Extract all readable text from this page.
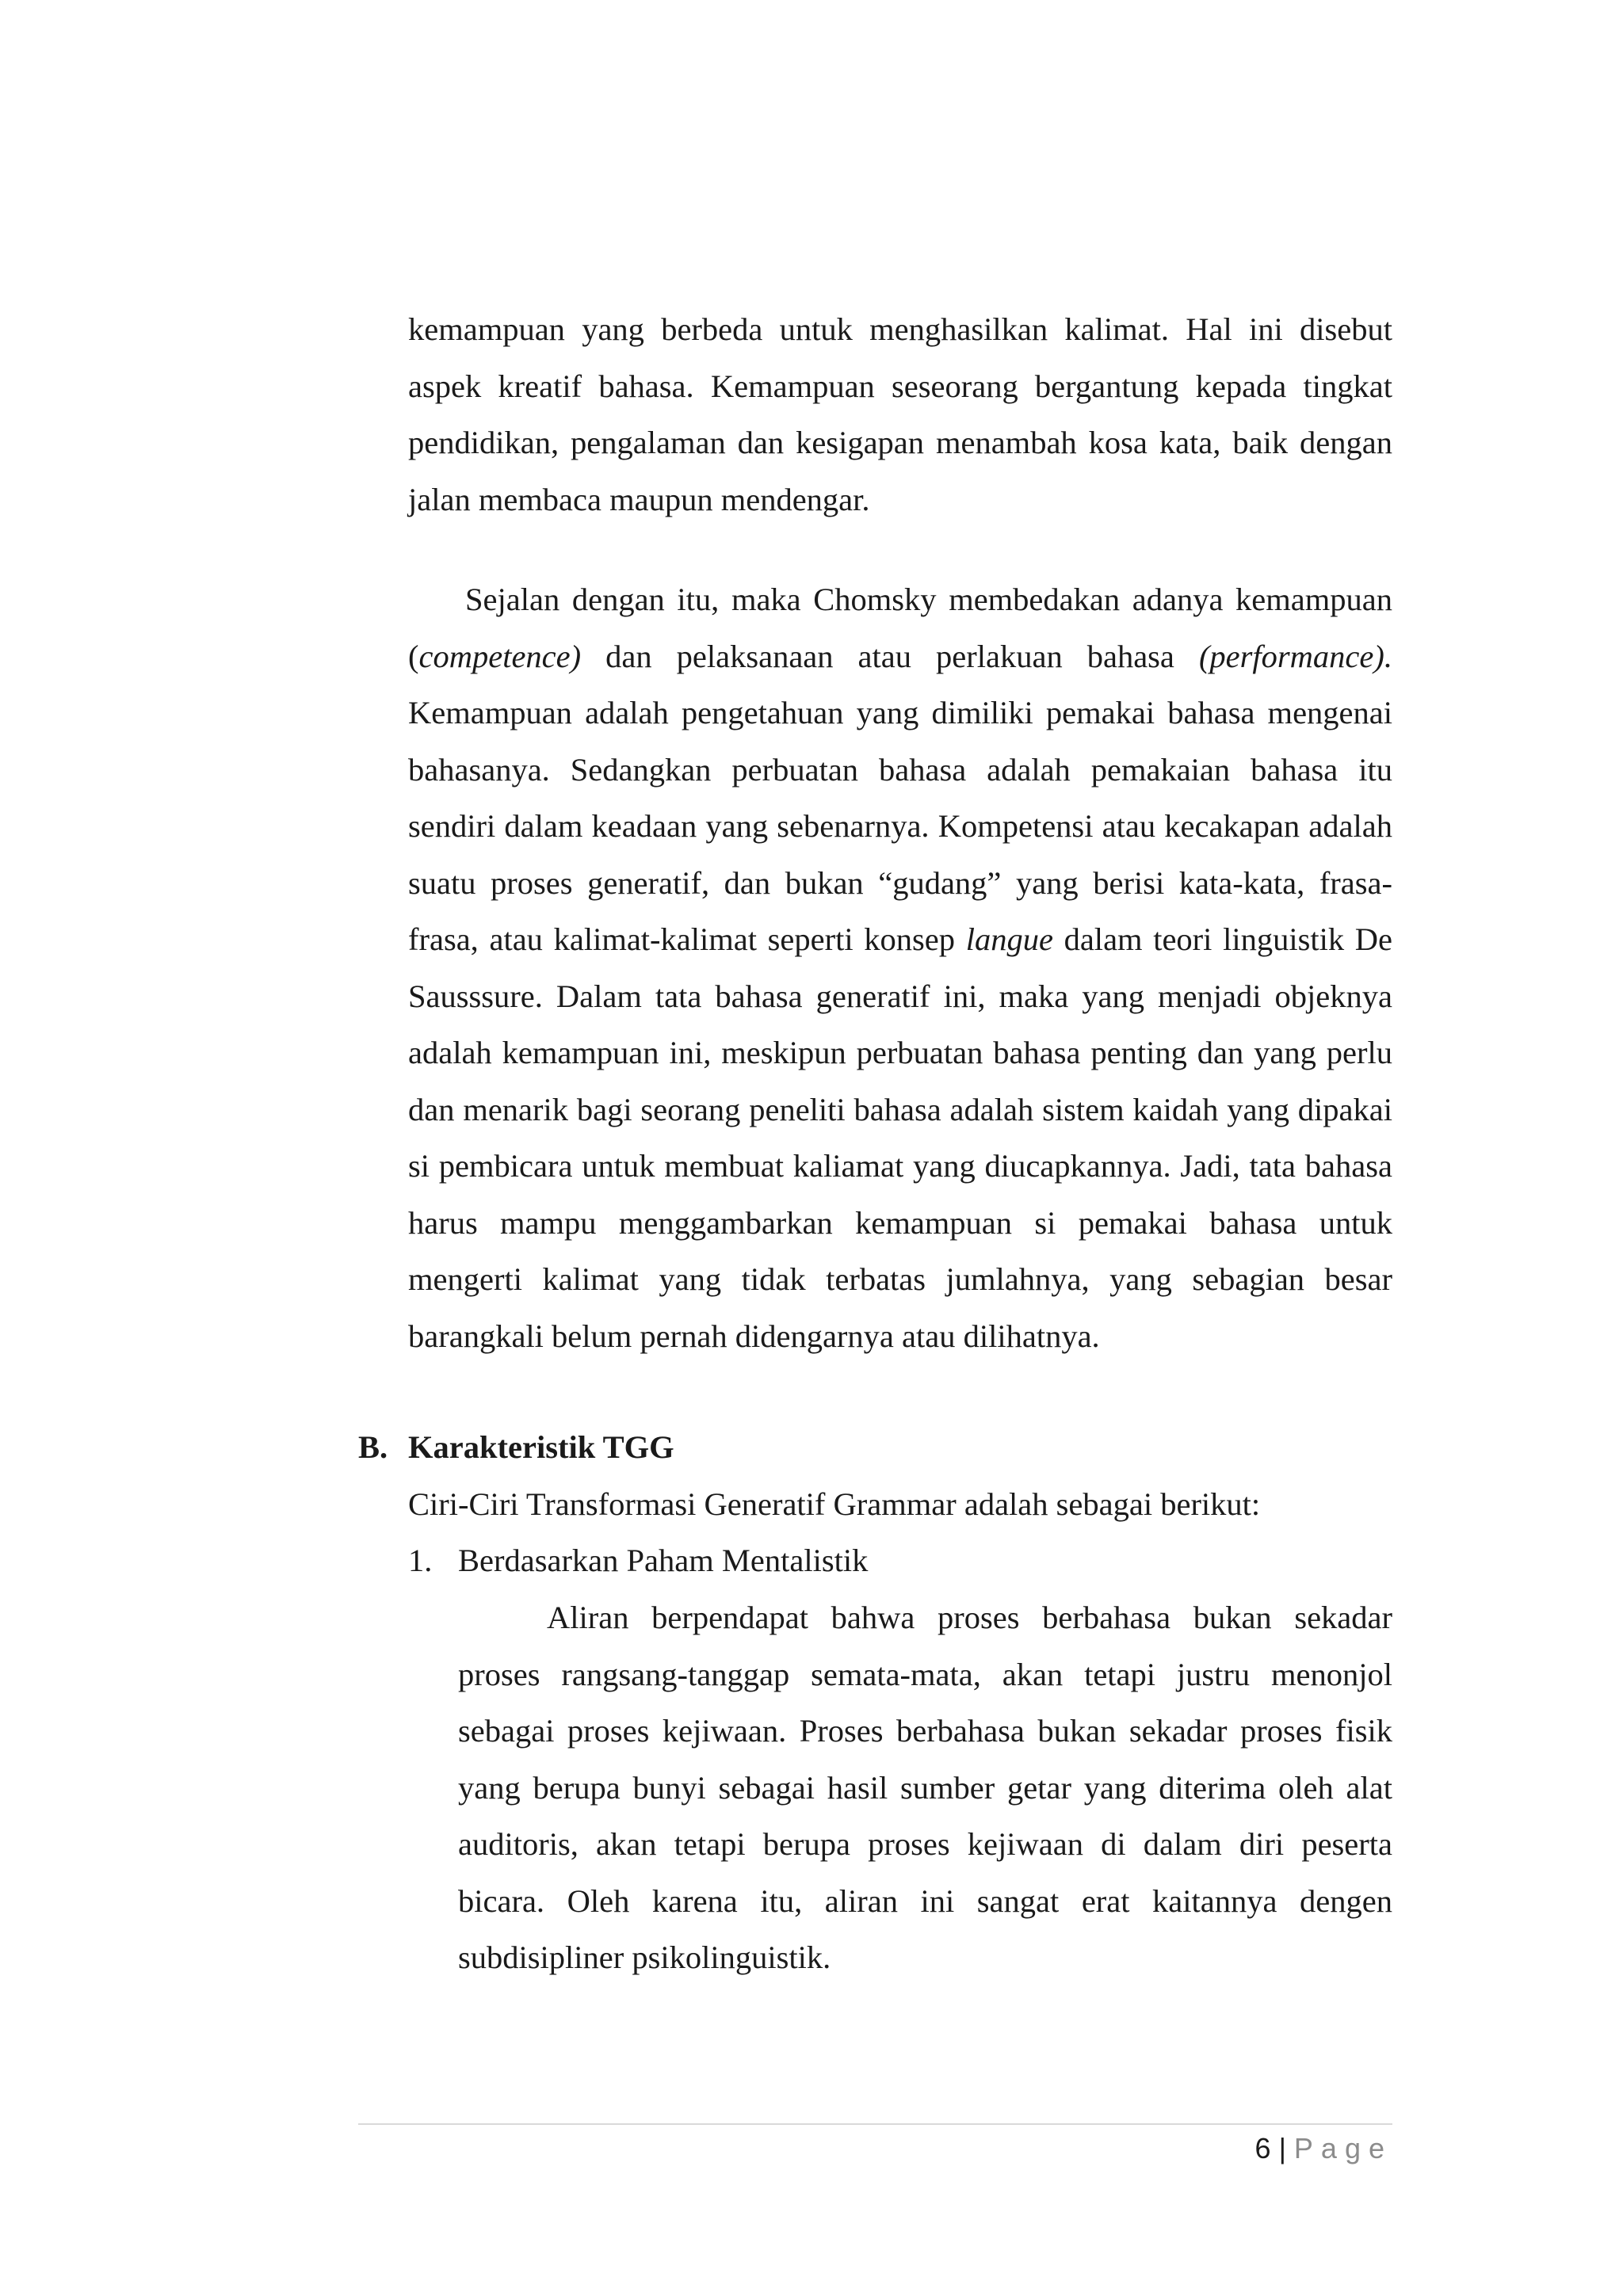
kemampuan yang berbeda untuk menghasilkan kalimat. Hal ini disebut aspek kreatif bahasa. Kemampuan seseorang bergantung kepada tingkat pendidikan, pengalaman dan kesigapan menambah kosa kata, baik dengan jalan membaca maupun mendengar.

Sejalan dengan itu, maka Chomsky membedakan adanya kemampuan (competence) dan pelaksanaan atau perlakuan bahasa (performance). Kemampuan adalah pengetahuan yang dimiliki pemakai bahasa mengenai bahasanya. Sedangkan perbuatan bahasa adalah pemakaian bahasa itu sendiri dalam keadaan yang sebenarnya. Kompetensi atau kecakapan adalah suatu proses generatif, dan bukan “gudang” yang berisi kata-kata, frasa-frasa, atau kalimat-kalimat seperti konsep langue dalam teori linguistik De Sausssure. Dalam tata bahasa generatif ini, maka yang menjadi objeknya adalah kemampuan ini, meskipun perbuatan bahasa penting dan yang perlu dan menarik bagi seorang peneliti bahasa adalah sistem kaidah yang dipakai si pembicara untuk membuat kaliamat yang diucapkannya. Jadi, tata bahasa harus mampu menggambarkan kemampuan si pemakai bahasa untuk mengerti kalimat yang tidak terbatas jumlahnya, yang sebagian besar barangkali belum pernah didengarnya atau dilihatnya.

B. Karakteristik TGG

Ciri-Ciri Transformasi Generatif Grammar adalah sebagai berikut:

1. Berdasarkan Paham Mentalistik

Aliran berpendapat bahwa proses berbahasa bukan sekadar proses rangsang-tanggap semata-mata, akan tetapi justru menonjol sebagai proses kejiwaan. Proses berbahasa bukan sekadar proses fisik yang berupa bunyi sebagai hasil sumber getar yang diterima oleh alat auditoris, akan tetapi berupa proses kejiwaan di dalam diri peserta bicara. Oleh karena itu, aliran ini sangat erat kaitannya dengen subdisipliner psikolinguistik.

6 | Page
